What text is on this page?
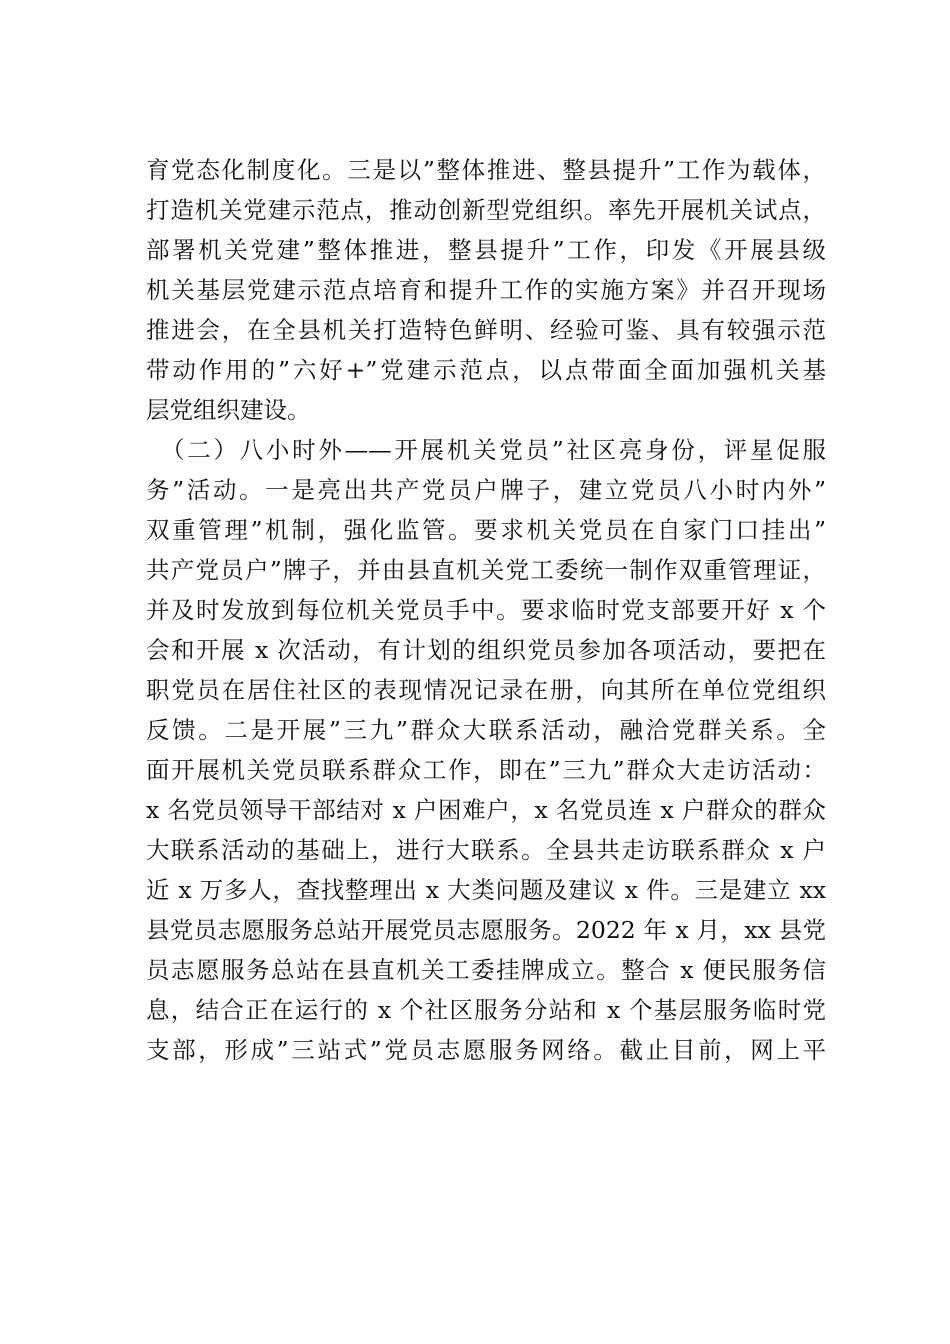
育党态化制度化。三是以”整体推进、整县提升”工作为载体，
打造机关党建示范点，推动创新型党组织。率先开展机关试点，
部署机关党建”整体推进，整县提升”工作，印发《开展县级
机关基层党建示范点培育和提升工作的实施方案》并召开现场
推进会，在全县机关打造特色鲜明、经验可鉴、具有较强示范
带动作用的”六好+”党建示范点，以点带面全面加强机关基
层党组织建设。
（二）八小时外——开展机关党员”社区亮身份，评星促服
务”活动。一是亮出共产党员户牌子，建立党员八小时内外”
双重管理”机制，强化监管。要求机关党员在自家门口挂出”
共产党员户”牌子，并由县直机关党工委统一制作双重管理证，
并及时发放到每位机关党员手中。要求临时党支部要开好 x 个
会和开展 x 次活动，有计划的组织党员参加各项活动，要把在
职党员在居住社区的表现情况记录在册，向其所在单位党组织
反馈。二是开展”三九”群众大联系活动，融洽党群关系。全
面开展机关党员联系群众工作，即在”三九”群众大走访活动：
x 名党员领导干部结对 x 户困难户，x 名党员连 x 户群众的群众
大联系活动的基础上，进行大联系。全县共走访联系群众 x 户
近 x 万多人，查找整理出 x 大类问题及建议 x 件。三是建立 xx
县党员志愿服务总站开展党员志愿服务。2022 年 x 月，xx 县党
员志愿服务总站在县直机关工委挂牌成立。整合 x 便民服务信
息，结合正在运行的 x 个社区服务分站和 x 个基层服务临时党
支部，形成”三站式”党员志愿服务网络。截止目前，网上平
